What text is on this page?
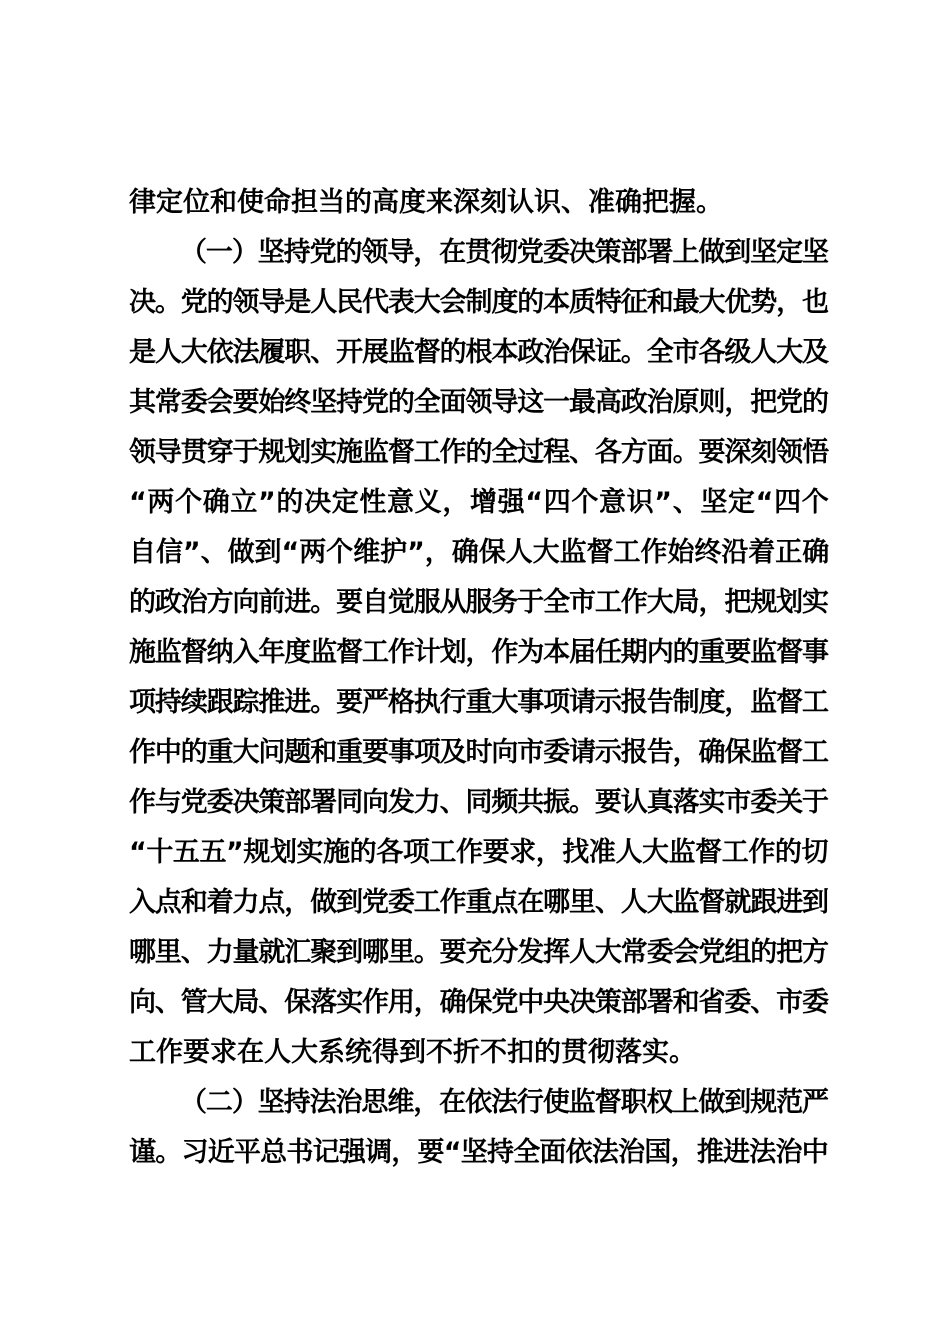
律定位和使命担当的高度来深刻认识、准确把握。
（一）坚持党的领导，在贯彻党委决策部署上做到坚定坚
决。党的领导是人民代表大会制度的本质特征和最大优势，也
是人大依法履职、开展监督的根本政治保证。全市各级人大及
其常委会要始终坚持党的全面领导这一最高政治原则，把党的
领导贯穿于规划实施监督工作的全过程、各方面。要深刻领悟
“两个确立”的决定性意义，增强“四个意识”、坚定“四个
自信”、做到“两个维护”，确保人大监督工作始终沿着正确
的政治方向前进。要自觉服从服务于全市工作大局，把规划实
施监督纳入年度监督工作计划，作为本届任期内的重要监督事
项持续跟踪推进。要严格执行重大事项请示报告制度，监督工
作中的重大问题和重要事项及时向市委请示报告，确保监督工
作与党委决策部署同向发力、同频共振。要认真落实市委关于
“十五五”规划实施的各项工作要求，找准人大监督工作的切
入点和着力点，做到党委工作重点在哪里、人大监督就跟进到
哪里、力量就汇聚到哪里。要充分发挥人大常委会党组的把方
向、管大局、保落实作用，确保党中央决策部署和省委、市委
工作要求在人大系统得到不折不扣的贯彻落实。
（二）坚持法治思维，在依法行使监督职权上做到规范严
谨。习近平总书记强调，要“坚持全面依法治国，推进法治中
